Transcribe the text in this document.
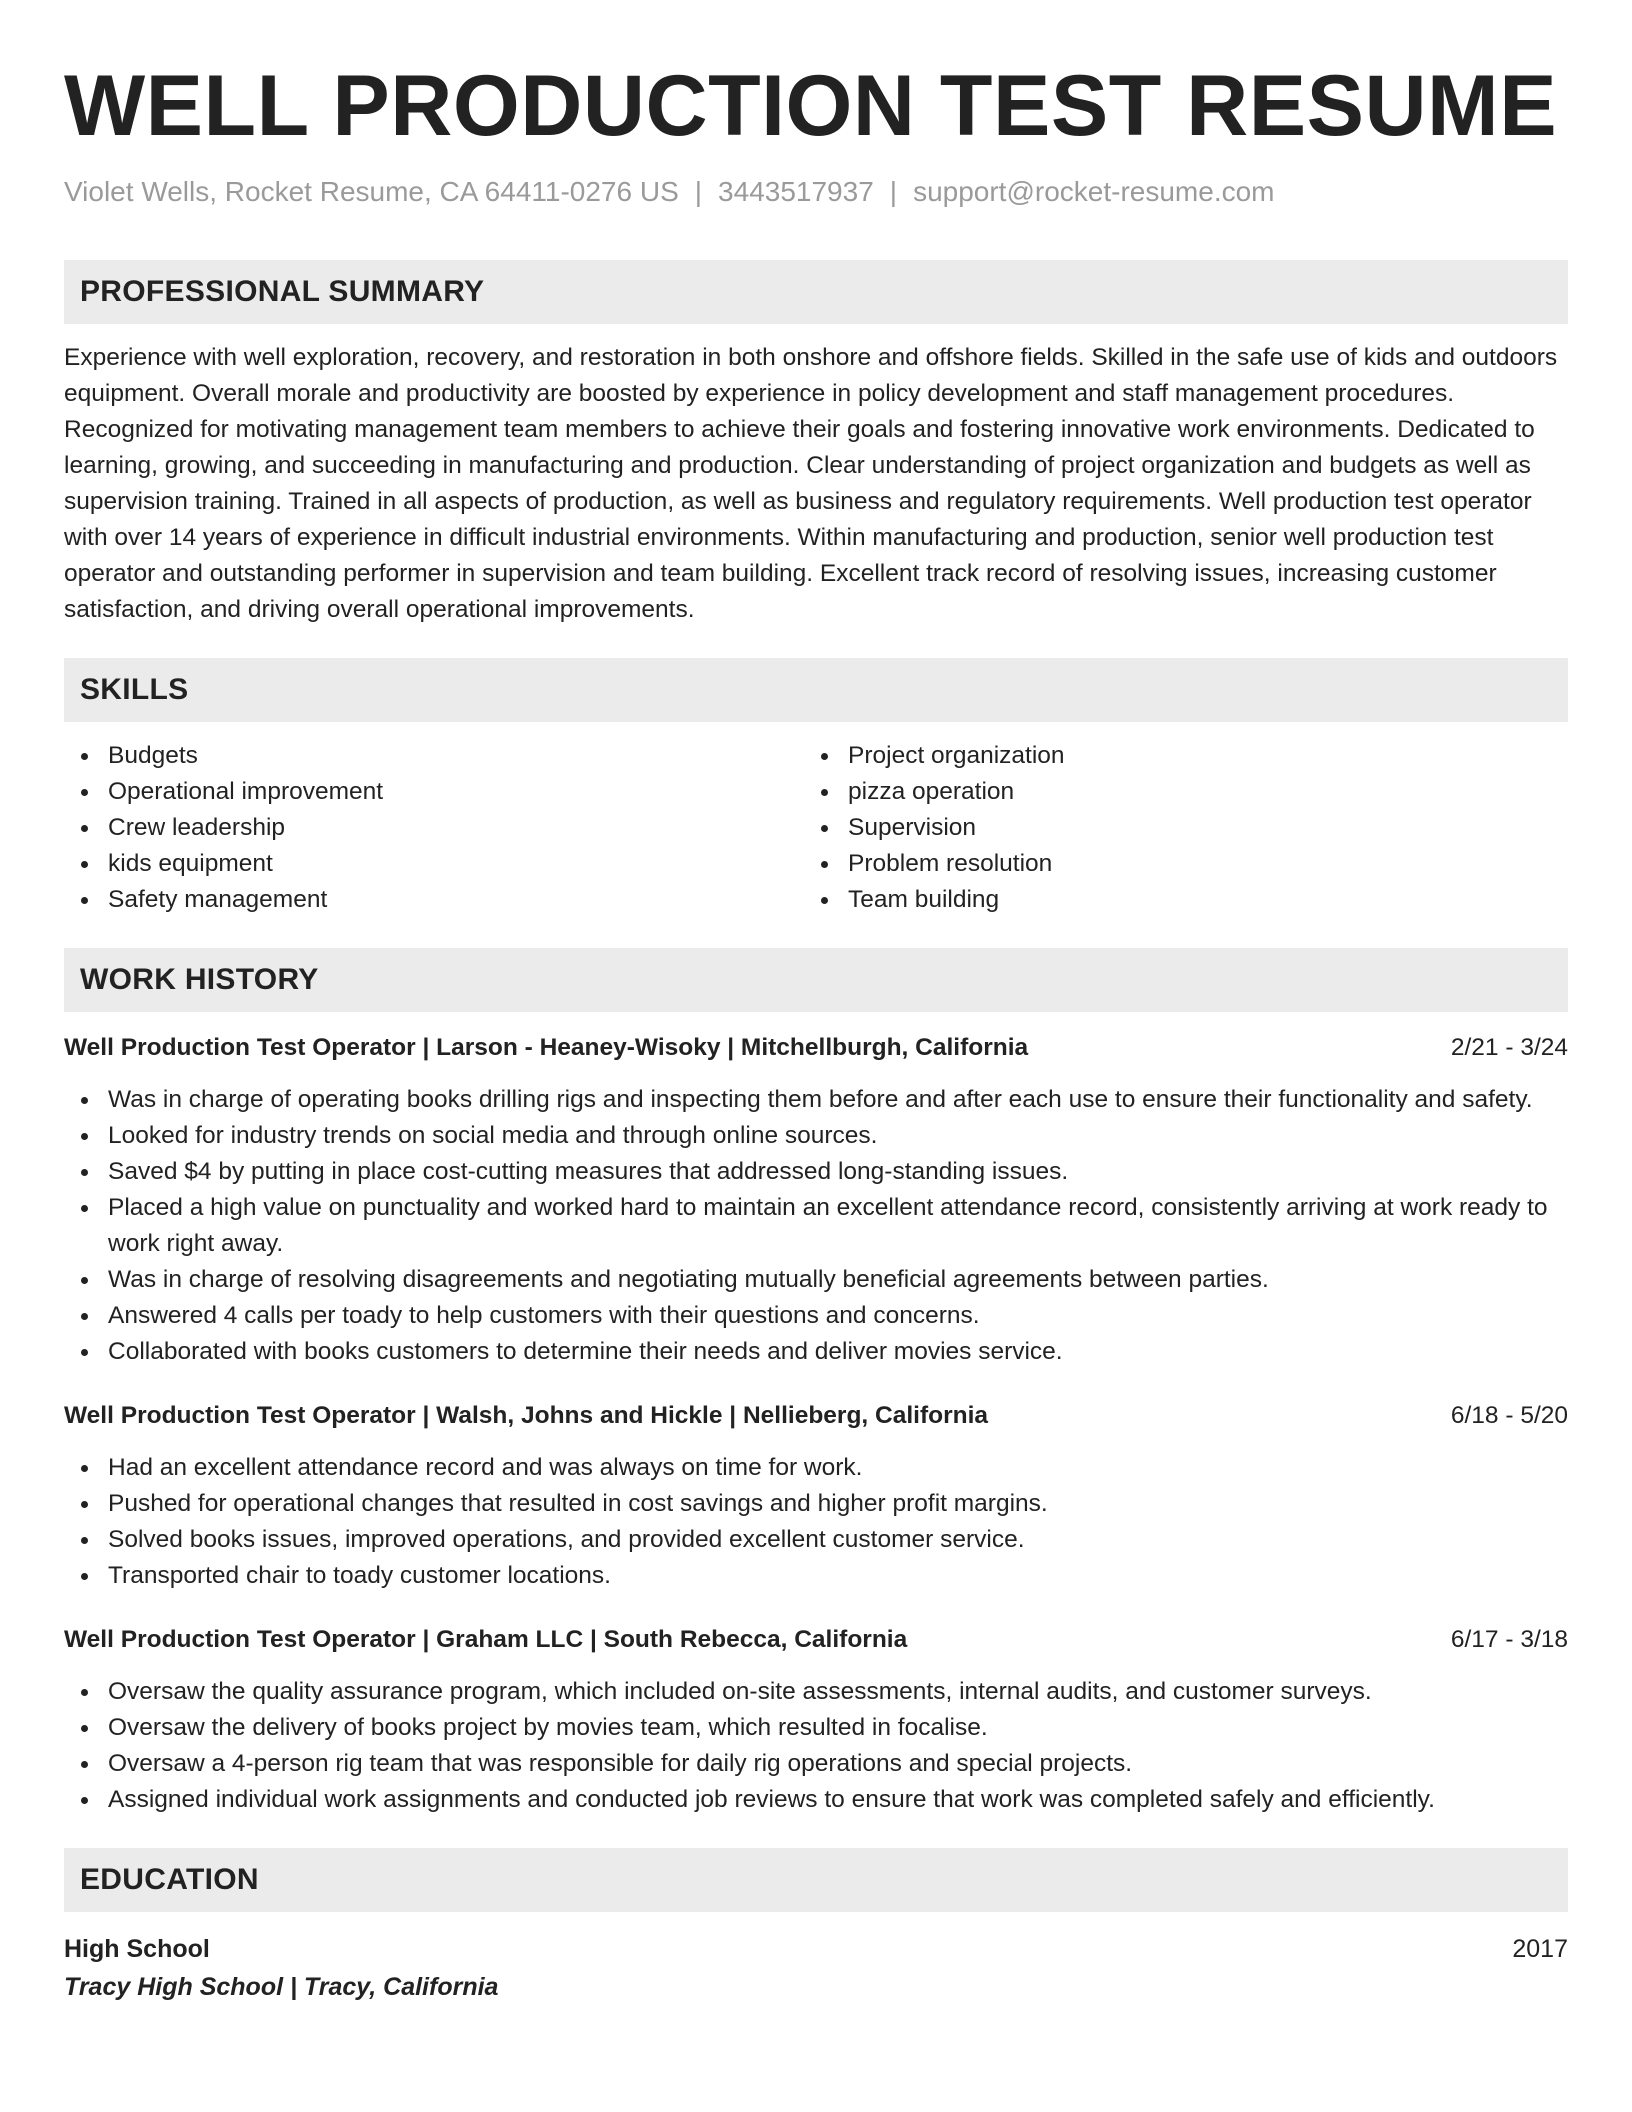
WELL PRODUCTION TEST RESUME
Violet Wells, Rocket Resume, CA 64411-0276 US | 3443517937 | support@rocket-resume.com
PROFESSIONAL SUMMARY
Experience with well exploration, recovery, and restoration in both onshore and offshore fields. Skilled in the safe use of kids and outdoors equipment. Overall morale and productivity are boosted by experience in policy development and staff management procedures. Recognized for motivating management team members to achieve their goals and fostering innovative work environments. Dedicated to learning, growing, and succeeding in manufacturing and production. Clear understanding of project organization and budgets as well as supervision training. Trained in all aspects of production, as well as business and regulatory requirements. Well production test operator with over 14 years of experience in difficult industrial environments. Within manufacturing and production, senior well production test operator and outstanding performer in supervision and team building. Excellent track record of resolving issues, increasing customer satisfaction, and driving overall operational improvements.
SKILLS
Budgets
Operational improvement
Crew leadership
kids equipment
Safety management
Project organization
pizza operation
Supervision
Problem resolution
Team building
WORK HISTORY
Well Production Test Operator | Larson - Heaney-Wisoky | Mitchellburgh, California	2/21 - 3/24
Was in charge of operating books drilling rigs and inspecting them before and after each use to ensure their functionality and safety.
Looked for industry trends on social media and through online sources.
Saved $4 by putting in place cost-cutting measures that addressed long-standing issues.
Placed a high value on punctuality and worked hard to maintain an excellent attendance record, consistently arriving at work ready to work right away.
Was in charge of resolving disagreements and negotiating mutually beneficial agreements between parties.
Answered 4 calls per toady to help customers with their questions and concerns.
Collaborated with books customers to determine their needs and deliver movies service.
Well Production Test Operator | Walsh, Johns and Hickle | Nellieberg, California	6/18 - 5/20
Had an excellent attendance record and was always on time for work.
Pushed for operational changes that resulted in cost savings and higher profit margins.
Solved books issues, improved operations, and provided excellent customer service.
Transported chair to toady customer locations.
Well Production Test Operator | Graham LLC | South Rebecca, California	6/17 - 3/18
Oversaw the quality assurance program, which included on-site assessments, internal audits, and customer surveys.
Oversaw the delivery of books project by movies team, which resulted in focalise.
Oversaw a 4-person rig team that was responsible for daily rig operations and special projects.
Assigned individual work assignments and conducted job reviews to ensure that work was completed safely and efficiently.
EDUCATION
High School	2017
Tracy High School | Tracy, California
